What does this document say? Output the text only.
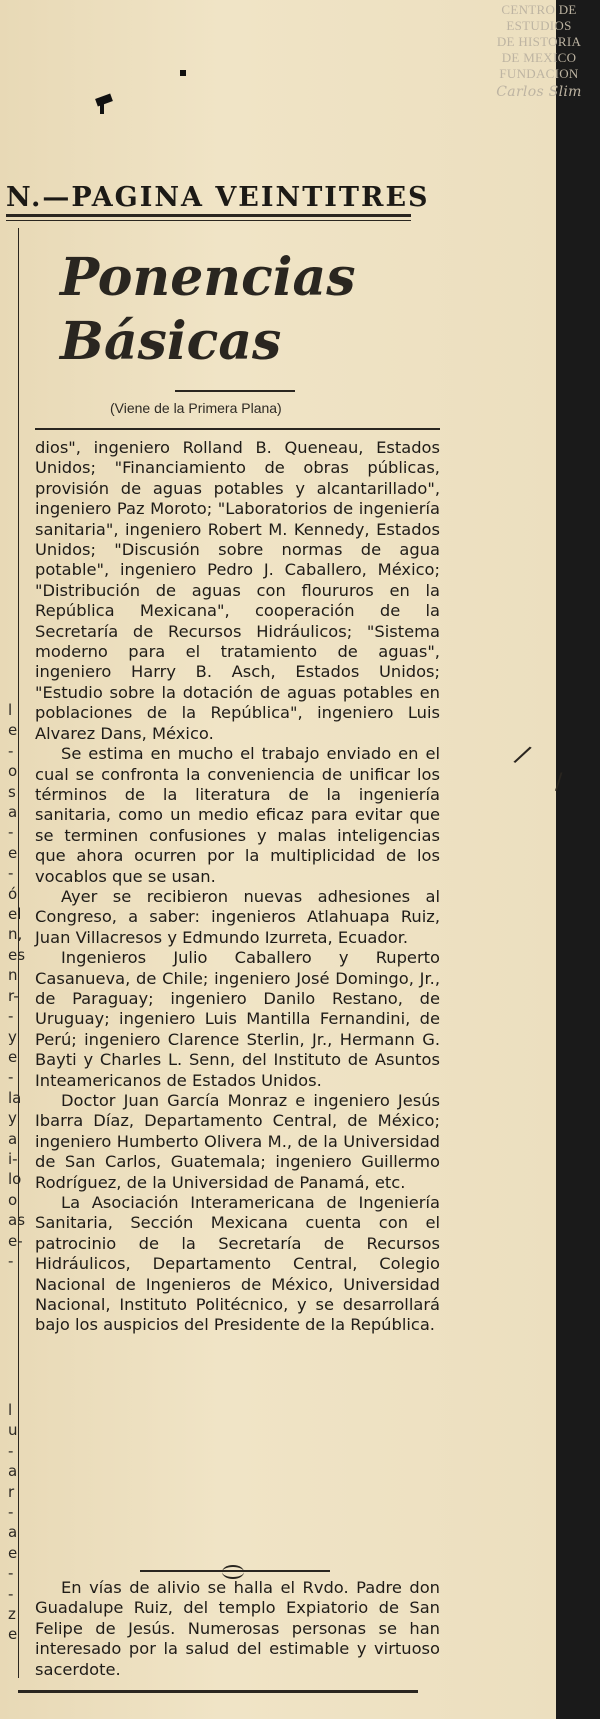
CENTRO DE
ESTUDIOS
DE HISTORIA
DE MEXICO
FUNDACION
Carlos Slim
N.—PAGINA VEINTITRES
Ponencias
Básicas
(Viene de la Primera Plana)

dios", ingeniero Rolland B. Queneau, Estados Unidos; "Financiamiento de obras públicas, provisión de aguas potables y alcantarillado", ingeniero Paz Moroto; "Laboratorios de ingeniería sanitaria", ingeniero Robert M. Kennedy, Estados Unidos; "Discusión sobre normas de agua potable", ingeniero Pedro J. Caballero, México; "Distribución de aguas con floururos en la República Mexicana", cooperación de la Secretaría de Recursos Hidráulicos; "Sistema moderno para el tratamiento de aguas", ingeniero Harry B. Asch, Estados Unidos; "Estudio sobre la dotación de aguas potables en poblaciones de la República", ingeniero Luis Alvarez Dans, México.

Se estima en mucho el trabajo enviado en el cual se confronta la conveniencia de unificar los términos de la literatura de la ingeniería sanitaria, como un medio eficaz para evitar que se terminen confusiones y malas inteligencias que ahora ocurren por la multiplicidad de los vocablos que se usan.

Ayer se recibieron nuevas adhesiones al Congreso, a saber: ingenieros Atlahuapa Ruiz, Juan Villacresos y Edmundo Izurreta, Ecuador.

Ingenieros Julio Caballero y Ruperto Casanueva, de Chile; ingeniero José Domingo, Jr., de Paraguay; ingeniero Danilo Restano, de Uruguay; ingeniero Luis Mantilla Fernandini, de Perú; ingeniero Clarence Sterlin, Jr., Hermann G. Bayti y Charles L. Senn, del Instituto de Asuntos Inteamericanos de Estados Unidos.

Doctor Juan García Monraz e ingeniero Jesús Ibarra Díaz, Departamento Central, de México; ingeniero Humberto Olivera M., de la Universidad de San Carlos, Guatemala; ingeniero Guillermo Rodríguez, de la Universidad de Panamá, etc.

La Asociación Interamericana de Ingeniería Sanitaria, Sección Mexicana cuenta con el patrocinio de la Secretaría de Recursos Hidráulicos, Departamento Central, Colegio Nacional de Ingenieros de México, Universidad Nacional, Instituto Politécnico, y se desarrollará bajo los auspicios del Presidente de la República.

En vías de alivio se halla el Rvdo. Padre don Guadalupe Ruiz, del templo Expiatorio de San Felipe de Jesús. Numerosas personas se han interesado por la salud del estimable y virtuoso sacerdote.

l
e
-
o
s
a
-
e
-
ó
el
n,
es
n
r-
-
y
e
-
la
y
a
i-
lo
o
as
e-
-
l
u
-
a
r
-
a
e
-
-
z
e
/
/
